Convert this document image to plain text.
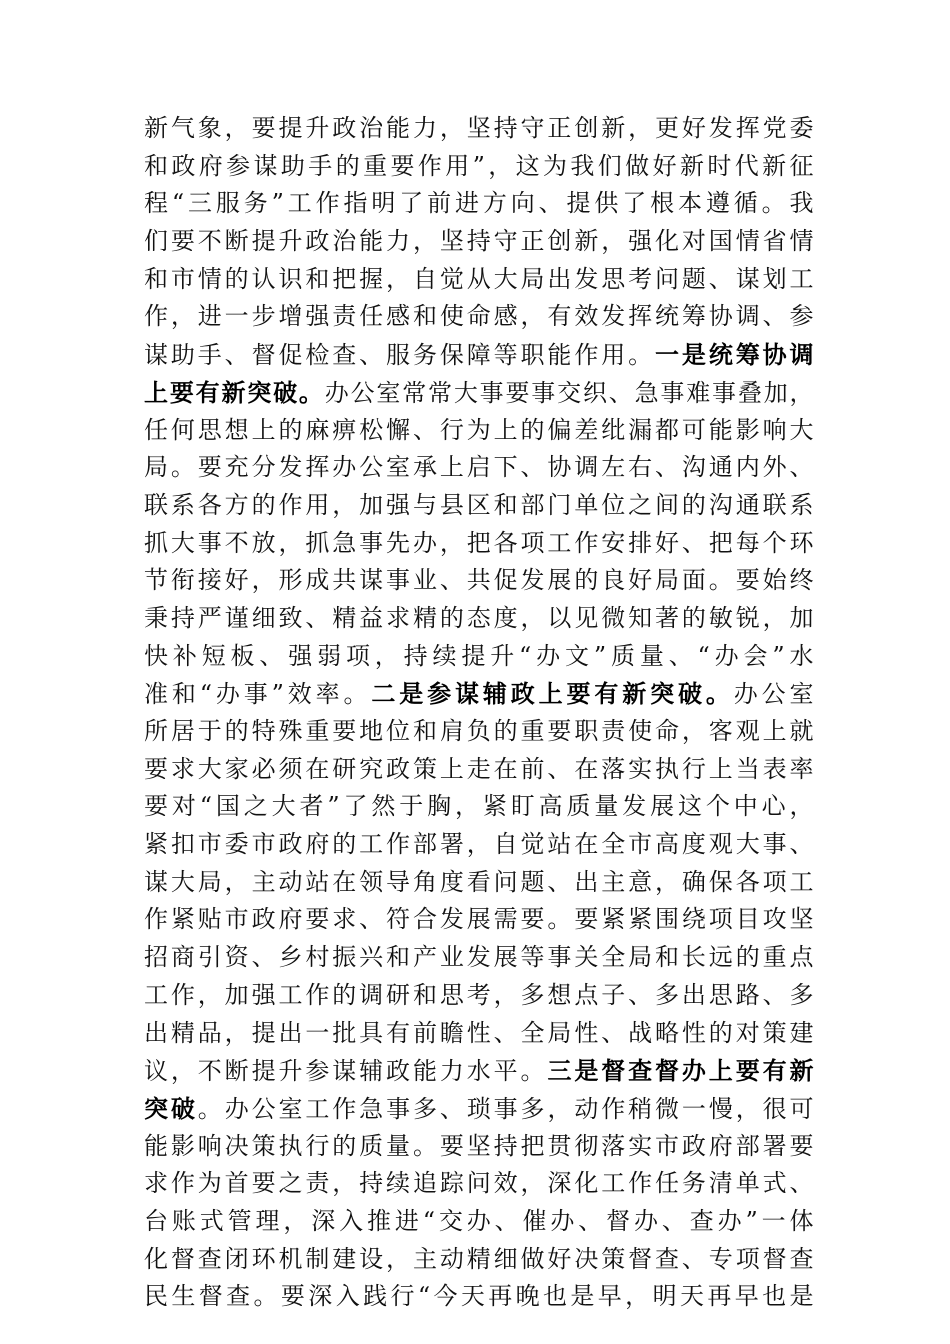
新气象，要提升政治能力，坚持守正创新，更好发挥党委
和政府参谋助手的重要作用”，这为我们做好新时代新征
程“三服务”工作指明了前进方向、提供了根本遵循。我
们要不断提升政治能力，坚持守正创新，强化对国情省情
和市情的认识和把握，自觉从大局出发思考问题、谋划工
作，进一步增强责任感和使命感，有效发挥统筹协调、参
谋助手、督促检查、服务保障等职能作用。一是统筹协调
上要有新突破。办公室常常大事要事交织、急事难事叠加，
任何思想上的麻痹松懈、行为上的偏差纰漏都可能影响大
局。要充分发挥办公室承上启下、协调左右、沟通内外、
联系各方的作用，加强与县区和部门单位之间的沟通联系
抓大事不放，抓急事先办，把各项工作安排好、把每个环
节衔接好，形成共谋事业、共促发展的良好局面。要始终
秉持严谨细致、精益求精的态度，以见微知著的敏锐，加
快补短板、强弱项，持续提升“办文”质量、“办会”水
准和“办事”效率。二是参谋辅政上要有新突破。办公室
所居于的特殊重要地位和肩负的重要职责使命，客观上就
要求大家必须在研究政策上走在前、在落实执行上当表率
要对“国之大者”了然于胸，紧盯高质量发展这个中心，
紧扣市委市政府的工作部署，自觉站在全市高度观大事、
谋大局，主动站在领导角度看问题、出主意，确保各项工
作紧贴市政府要求、符合发展需要。要紧紧围绕项目攻坚
招商引资、乡村振兴和产业发展等事关全局和长远的重点
工作，加强工作的调研和思考，多想点子、多出思路、多
出精品，提出一批具有前瞻性、全局性、战略性的对策建
议，不断提升参谋辅政能力水平。三是督查督办上要有新
突破。办公室工作急事多、琐事多，动作稍微一慢，很可
能影响决策执行的质量。要坚持把贯彻落实市政府部署要
求作为首要之责，持续追踪问效，深化工作任务清单式、
台账式管理，深入推进“交办、催办、督办、查办”一体
化督查闭环机制建设，主动精细做好决策督查、专项督查
民生督查。要深入践行“今天再晚也是早，明天再早也是
